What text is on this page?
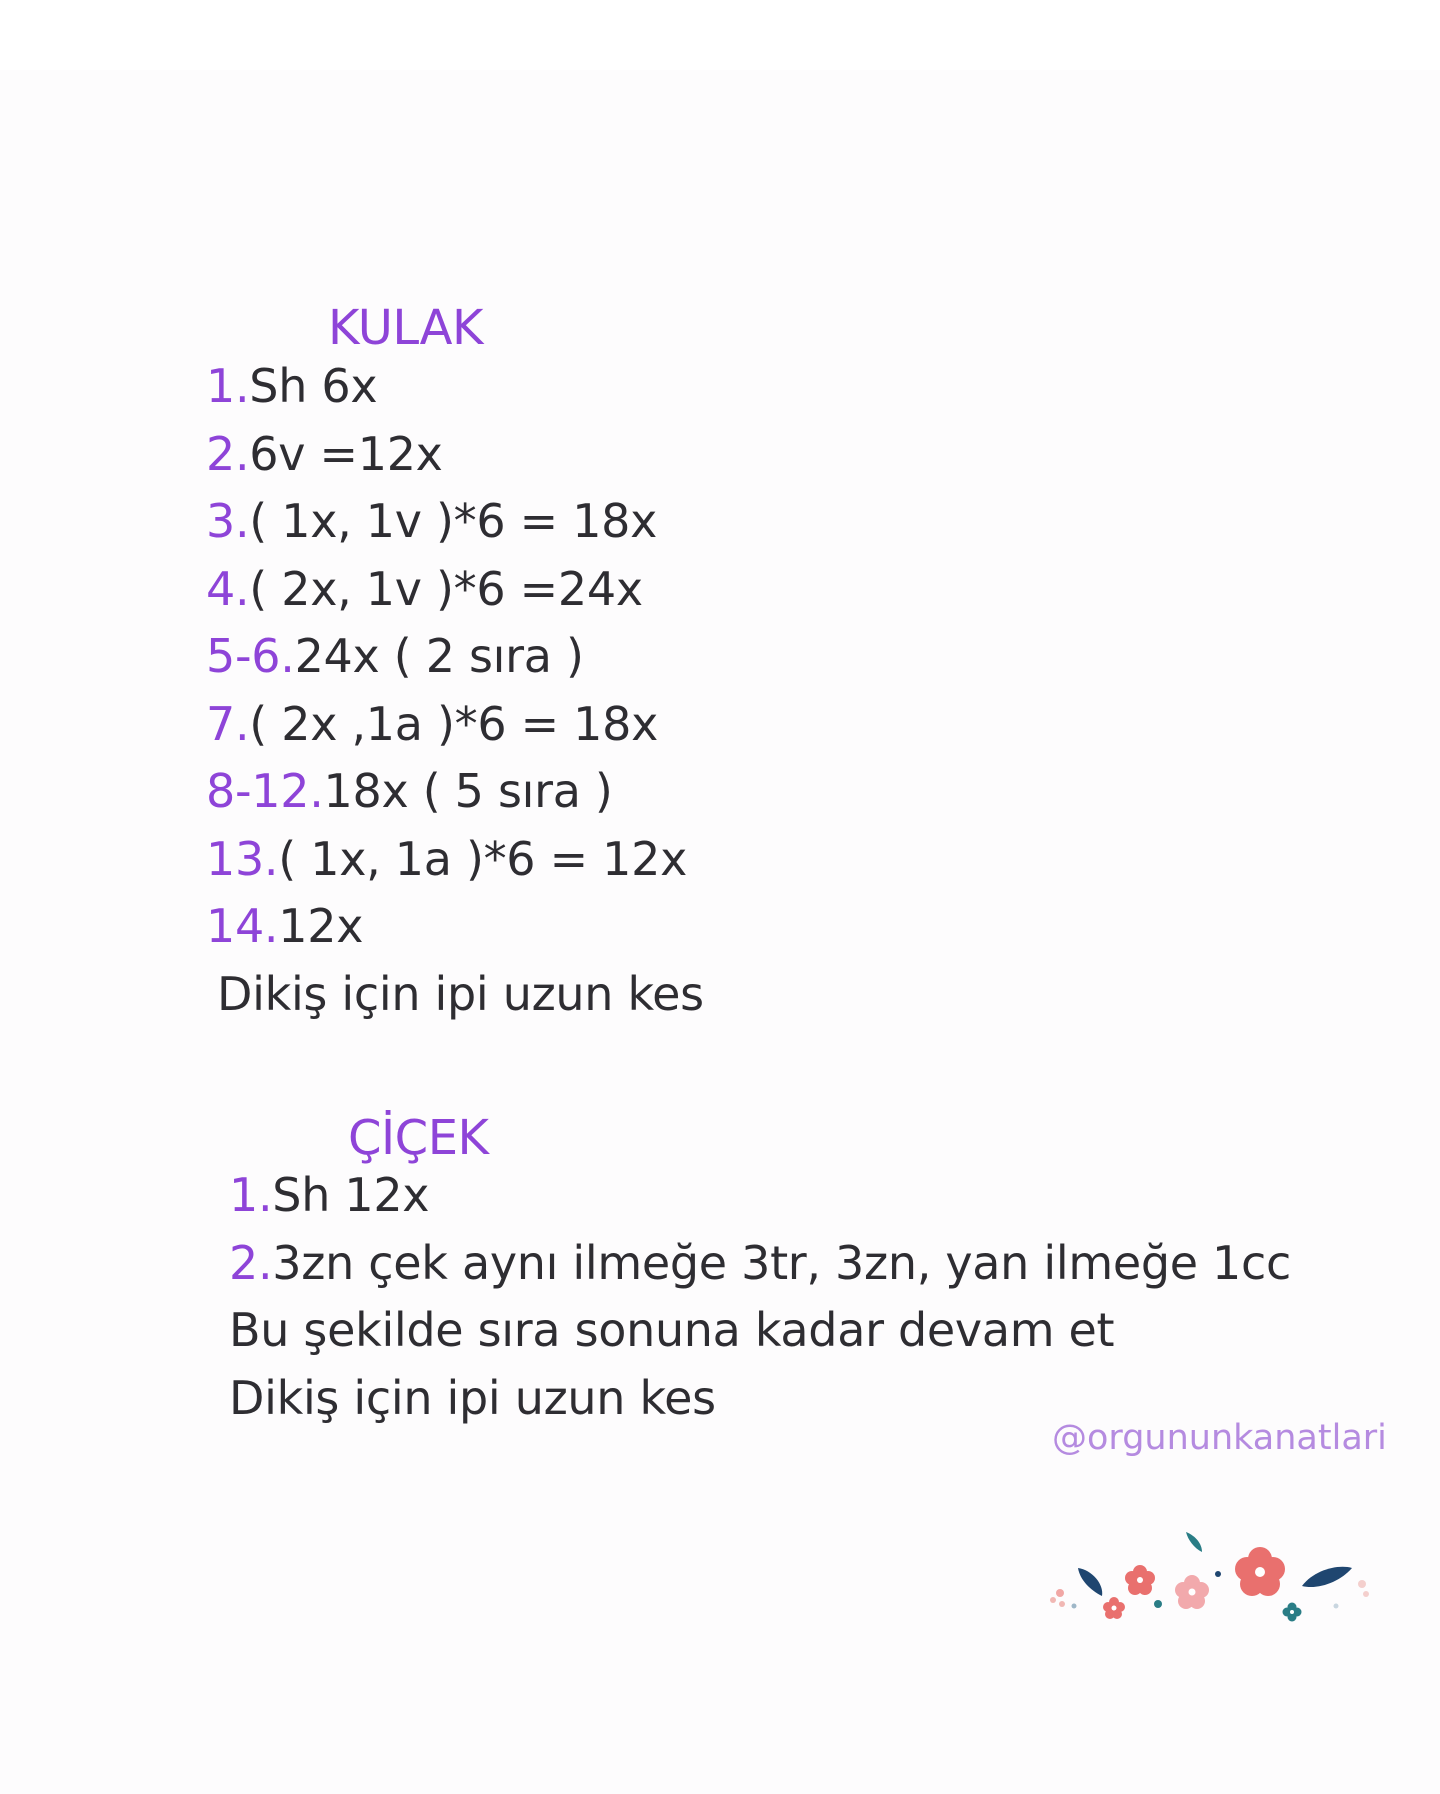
KULAK
1.Sh 6x
2.6v =12x
3.( 1x, 1v )*6 = 18x
4.( 2x, 1v )*6 =24x
5-6.24x ( 2 sıra )
7.( 2x ,1a )*6 = 18x
8-12.18x ( 5 sıra )
13.( 1x, 1a )*6 = 12x
14.12x
Dikiş için ipi uzun kes
ÇİÇEK
1.Sh 12x
2.3zn çek aynı ilmeğe 3tr, 3zn, yan ilmeğe 1cc
Bu şekilde sıra sonuna kadar devam et
Dikiş için ipi uzun kes
@orgununkanatlari
